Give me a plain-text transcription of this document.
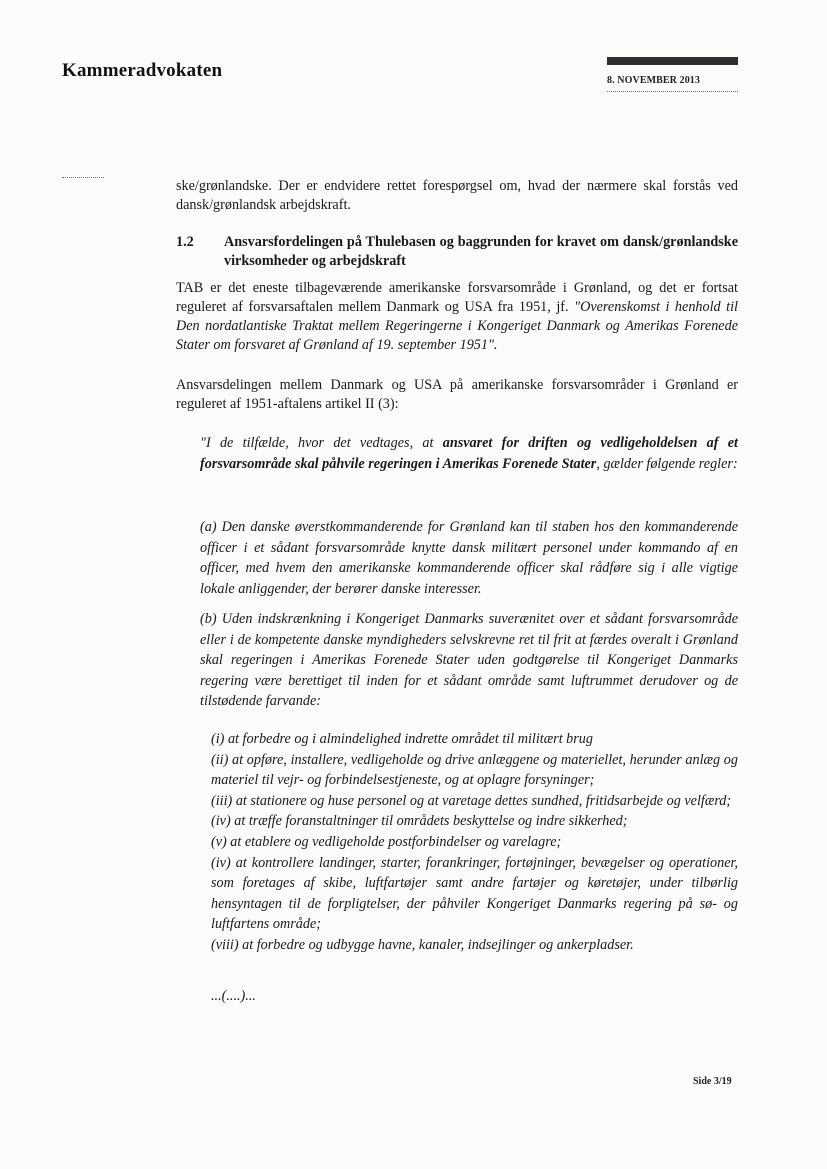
Kammeradvokaten	8. NOVEMBER 2013

ske/grønlandske. Der er endvidere rettet forespørgsel om, hvad der nærmere skal forstås ved dansk/grønlandsk arbejdskraft.

1.2 Ansvarsfordelingen på Thulebasen og baggrunden for kravet om dansk/grønlandske virksomheder og arbejdskraft

TAB er det eneste tilbageværende amerikanske forsvarsområde i Grønland, og det er fortsat reguleret af forsvarsaftalen mellem Danmark og USA fra 1951, jf. "Overenskomst i henhold til Den nordatlantiske Traktat mellem Regeringerne i Kongeriget Danmark og Amerikas Forenede Stater om forsvaret af Grønland af 19. september 1951".

Ansvarsdelingen mellem Danmark og USA på amerikanske forsvarsområder i Grønland er reguleret af 1951-aftalens artikel II (3):

"I de tilfælde, hvor det vedtages, at ansvaret for driften og vedligeholdelsen af et forsvarsområde skal påhvile regeringen i Amerikas Forenede Stater, gælder følgende regler:

(a) Den danske øverstkommanderende for Grønland kan til staben hos den kommanderende officer i et sådant forsvarsområde knytte dansk militært personel under kommando af en officer, med hvem den amerikanske kommanderende officer skal rådføre sig i alle vigtige lokale anliggender, der berører danske interesser.

(b) Uden indskrænkning i Kongeriget Danmarks suverænitet over et sådant forsvarsområde eller i de kompetente danske myndigheders selvskrevne ret til frit at færdes overalt i Grønland skal regeringen i Amerikas Forenede Stater uden godtgørelse til Kongeriget Danmarks regering være berettiget til inden for et sådant område samt luftrummet derudover og de tilstødende farvande:

(i) at forbedre og i almindelighed indrette området til militært brug
(ii) at opføre, installere, vedligeholde og drive anlæggene og materiellet, herunder anlæg og materiel til vejr- og forbindelsestjeneste, og at oplagre forsyninger;
(iii) at stationere og huse personel og at varetage dettes sundhed, fritidsarbejde og velfærd;
(iv) at træffe foranstaltninger til områdets beskyttelse og indre sikkerhed;
(v) at etablere og vedligeholde postforbindelser og varelagre;
(iv) at kontrollere landinger, starter, forankringer, fortøjninger, bevægelser og operationer, som foretages af skibe, luftfartøjer samt andre fartøjer og køretøjer, under tilbørlig hensyntagen til de forpligtelser, der påhviler Kongeriget Danmarks regering på sø- og luftfartens område;
(viii) at forbedre og udbygge havne, kanaler, indsejlinger og ankerpladser.
...(....)...
Side 3/19
